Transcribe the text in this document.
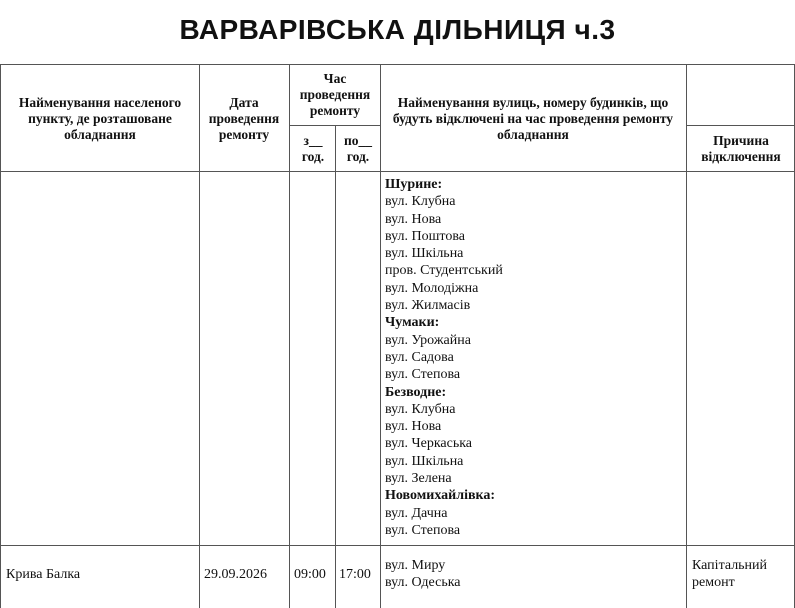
ВАРВАРІВСЬКА ДІЛЬНИЦЯ ч.3
Найменування населеного пункту, де розташоване обладнання
Дата проведення ремонту
Час проведення ремонту
з__ год.
по__ год.
Найменування вулиць, номеру будинків, що будуть відключені на час проведення ремонту обладнання	Причина відключення
Шурине:
вул. Клубна
вул. Нова
вул. Поштова
вул. Шкільна
пров. Студентський
вул. Молодіжна
вул. Жилмасів
Чумаки:
вул. Урожайна
вул. Садова
вул. Степова
Безводне:
вул. Клубна
вул. Нова
вул. Черкаська
вул. Шкільна
вул. Зелена
Новомихайлівка:
вул. Дачна
вул. Степова
Крива Балка	29.09.2026 09:00 17:00
вул. Миру
вул. Одеська
Капітальний ремонт
